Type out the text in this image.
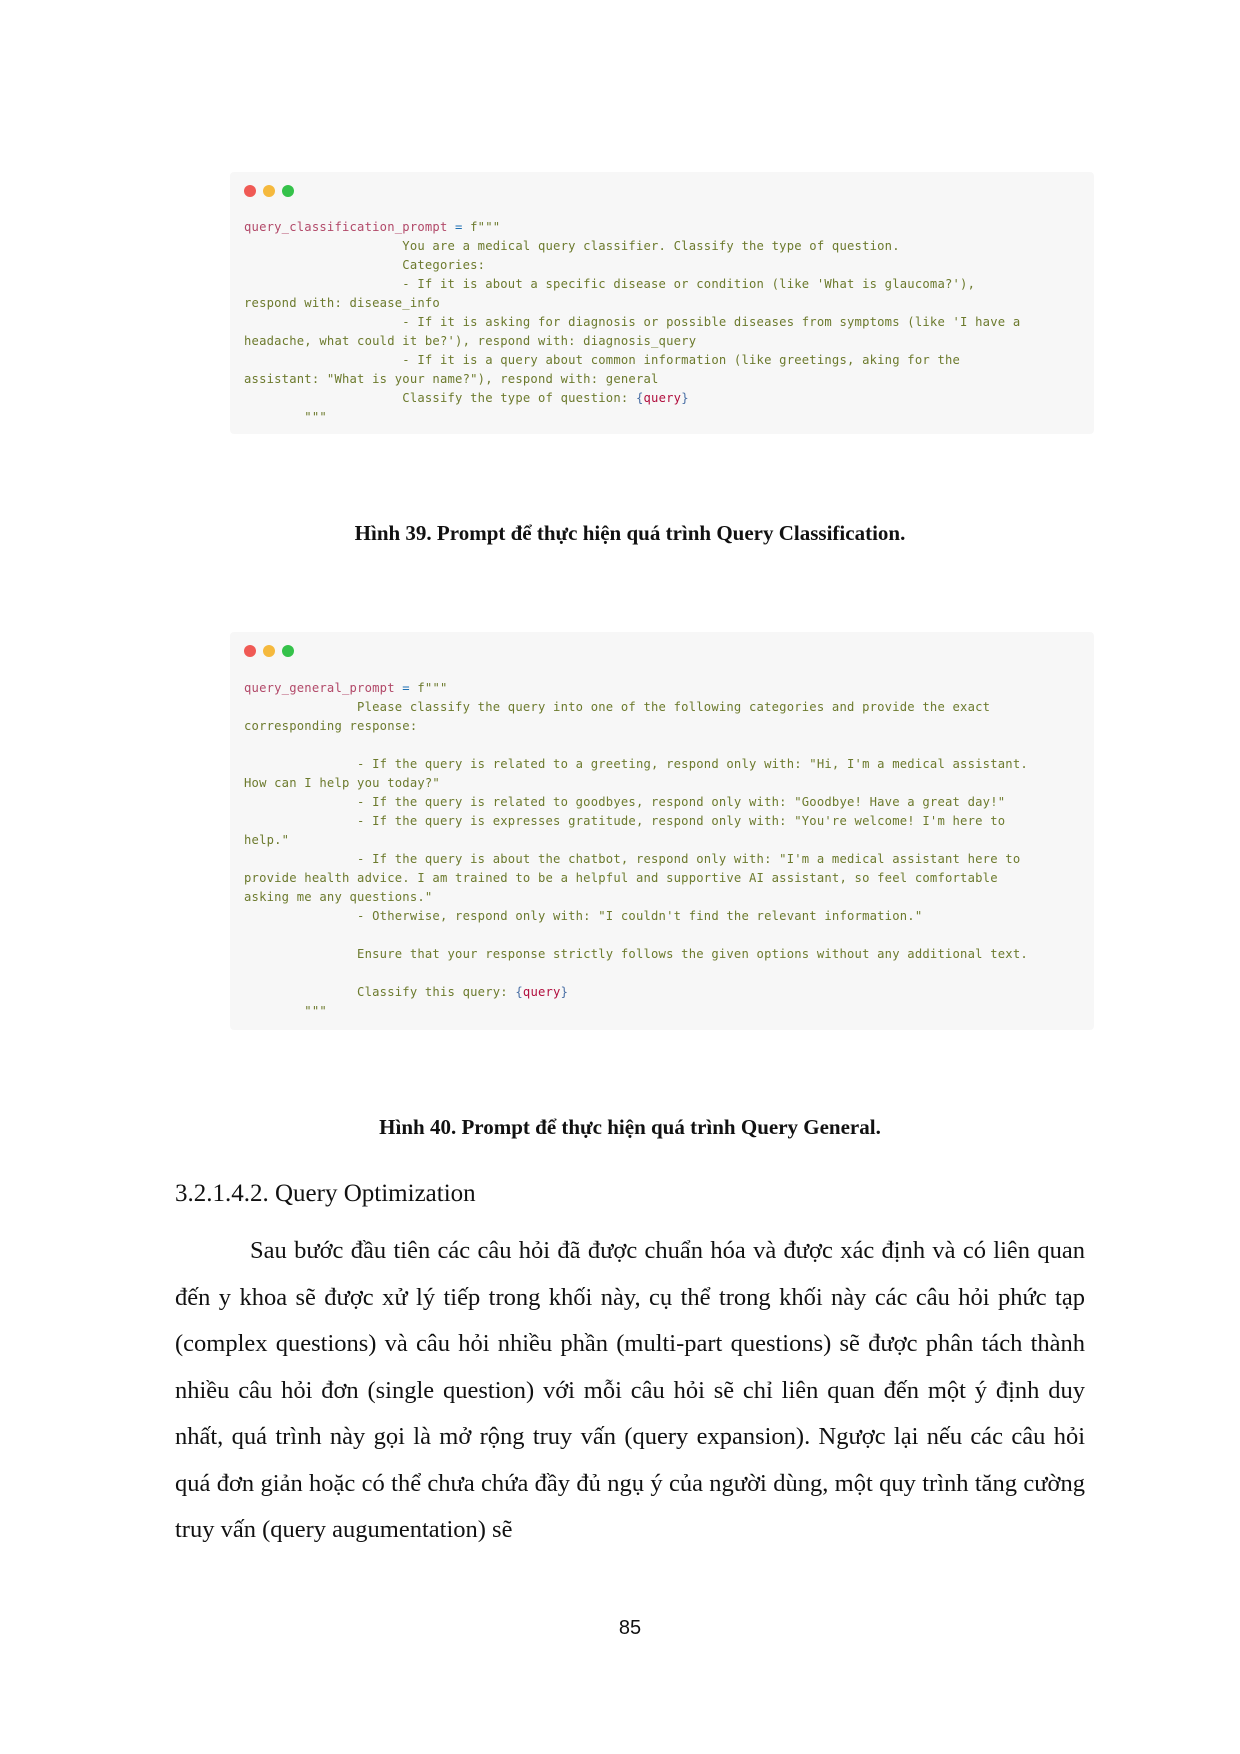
query_classification_prompt = f"""
You are a medical query classifier. Classify the type of question.
Categories:
- If it is about a specific disease or condition (like 'What is glaucoma?'),
respond with: disease_info
- If it is asking for diagnosis or possible diseases from symptoms (like 'I have a
headache, what could it be?'), respond with: diagnosis_query
- If it is a query about common information (like greetings, aking for the
assistant: "What is your name?"), respond with: general
Classify the type of question: {query}
"""
Hình 39. Prompt để thực hiện quá trình Query Classification.
query_general_prompt = f"""
Please classify the query into one of the following categories and provide the exact
corresponding response:

- If the query is related to a greeting, respond only with: "Hi, I'm a medical assistant.
How can I help you today?"
- If the query is related to goodbyes, respond only with: "Goodbye! Have a great day!"
- If the query is expresses gratitude, respond only with: "You're welcome! I'm here to
help."
- If the query is about the chatbot, respond only with: "I'm a medical assistant here to
provide health advice. I am trained to be a helpful and supportive AI assistant, so feel comfortable
asking me any questions."
- Otherwise, respond only with: "I couldn't find the relevant information."

Ensure that your response strictly follows the given options without any additional text.

Classify this query: {query}
"""
Hình 40. Prompt để thực hiện quá trình Query General.
3.2.1.4.2. Query Optimization

Sau bước đầu tiên các câu hỏi đã được chuẩn hóa và được xác định và có liên quan đến y khoa sẽ được xử lý tiếp trong khối này, cụ thể trong khối này các câu hỏi phức tạp (complex questions) và câu hỏi nhiều phần (multi-part questions) sẽ được phân tách thành nhiều câu hỏi đơn (single question) với mỗi câu hỏi sẽ chỉ liên quan đến một ý định duy nhất, quá trình này gọi là mở rộng truy vấn (query expansion). Ngược lại nếu các câu hỏi quá đơn giản hoặc có thể chưa chứa đầy đủ ngụ ý của người dùng, một quy trình tăng cường truy vấn (query augumentation) sẽ

85
